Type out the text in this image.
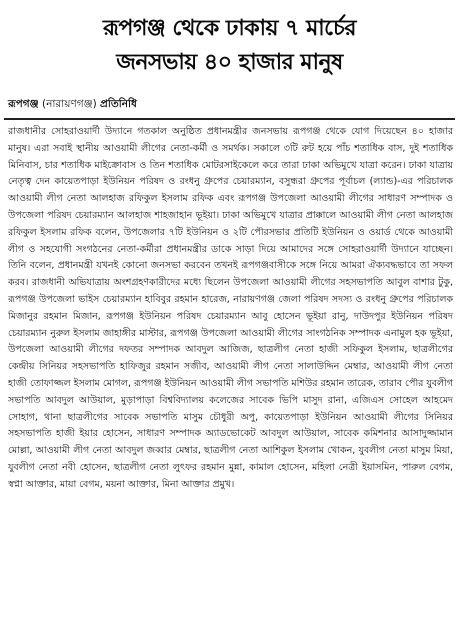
রূপগঞ্জ থেকে ঢাকায় ৭ মার্চের
জনসভায় ৪০ হাজার মানুষ
রূপগঞ্জ (নারায়ণগঞ্জ) প্রতিনিধি

রাজধানীর সোহরাওয়ার্দী উদ্যানে গতকাল অনুষ্ঠিত প্রধানমন্ত্রীর জনসভায় রূপগঞ্জ থেকে যোগ দিয়েছেন ৪০ হাজার মানুষ। এরা সবাই স্থানীয় আওয়ামী লীগের নেতা-কর্মী ও সমর্থক। সকালে ৩টি রুট হয়ে পাঁচ শতাধিক বাস, দুই শতাধিক মিনিবাস, চার শতাধিক মাইক্রোবাস ও তিন শতাধিক মোটরসাইকেলে করে তারা ঢাকা অভিমুখে যাত্রা করেন। ঢাকা যাত্রায় নেতৃত্ব দেন কায়েতপাড়া ইউনিয়ন পরিষদ ও রংধনু গ্রুপের চেয়ারম্যান, বসুন্ধরা গ্রুপের পূর্বাচল (ল্যান্ড)-এর পরিচালক আওয়ামী লীগ নেতা আলহাজ রফিকুল ইসলাম রফিক এবং রূপগঞ্জ উপজেলা আওয়ামী লীগের সাধারণ সম্পাদক ও উপজেলা পরিষদ চেয়ারম্যান আলহাজ শাহজাহান ভূইয়া। ঢাকা অভিমুখে যাত্রার প্রাক্কালে আওয়ামী লীগ নেতা আলহাজ রফিকুল ইসলাম রফিক বলেন, উপজেলার ৭টি ইউনিয়ন ও ২টি পৌরসভার প্রতিটি ইউনিয়ন ও ওয়ার্ড থেকে আওয়ামী লীগ ও সহযোগী সংগঠনের নেতা-কর্মীরা প্রধানমন্ত্রীর ডাকে সাড়া দিয়ে আমাদের সঙ্গে সোহরাওয়ার্দী উদ্যানে যাচ্ছেন। তিনি বলেন, প্রধানমন্ত্রী যখনই কোনো জনসভা করবেন তখনই রূপগঞ্জবাসীকে সঙ্গে নিয়ে আমরা ঐক্যবদ্ধভাবে তা সফল করব। রাজধানী অভিযাত্রায় অংশগ্রহণকারীদের মধ্যে ছিলেন উপজেলা আওয়ামী লীগের সহসভাপতি আবুল বাশার টুকু, রূপগঞ্জ উপজেলা ভাইস চেয়ারম্যান হাবিবুর রহমান হারেজ, নারায়ণগঞ্জ জেলা পরিষদ সদস্য ও রংধনু গ্রুপের পরিচালক মিজানুর রহমান মিজান, রূপগঞ্জ ইউনিয়ন পরিষদ চেয়ারম্যান আবু হোসেন ভূইয়া রানু, দাউদপুর ইউনিয়ন পরিষদ চেয়ারম্যান নুরুল ইসলাম জাহাঙ্গীর মাস্টার, রূপগঞ্জ উপজেলা আওয়ামী লীগের সাংগঠনিক সম্পাদক এনামুল হক ভূইয়া, উপজেলা আওয়ামী লীগের দফতর সম্পাদক আবদুল আজিজ, ছাত্রলীগ নেতা হাজী সফিকুল ইসলাম, ছাত্রলীগের কেন্দ্রীয় সিনিয়র সহসভাপতি হাফিজুর রহমান সজীব, আওয়ামী লীগ নেতা সালাউদ্দিন মেম্বার, আওয়ামী লীগ নেতা হাজী তোফাজ্জল ইসলাম মোগল, রূপগঞ্জ ইউনিয়ন আওয়ামী লীগ সভাপতি মশিউর রহমান তারেক, তারাব পৌর যুবলীগ সভাপতি আবদুল আউয়াল, মুড়াপাড়া বিশ্ববিদ্যালয় কলেজের সাবেক ভিপি মাসুদ রানা, এজিএস সোহেল আহমেদ সোহাগ, থানা ছাত্রলীগের সাবেক সভাপতি মাসুম চৌধুরী অপু, কায়েতপাড়া ইউনিয়ন আওয়ামী লীগের সিনিয়র সহসভাপতি হাজী ইয়ার হোসেন, সাধারণ সম্পাদক অ্যাডভোকেট আবদুল আউয়াল, সাবেক কমিশনার আসাদুজ্জামান মোল্লা, আওয়ামী লীগ নেতা আবদুল জব্বার মেম্বার, ছাত্রলীগ নেতা আশিকুল ইসলাম খোকন, যুবলীগ নেতা মাসুম মিয়া, যুবলীগ নেতা নবী হোসেন, ছাত্রলীগ নেতা লুৎফর রহমান মুন্না, কামাল হোসেন, মহিলা নেত্রী ইয়াসমিন, পারুল বেগম, স্বপ্না আক্তার, মায়া বেগম, ময়না আক্তার, মিনা আক্তার প্রমুখ।
